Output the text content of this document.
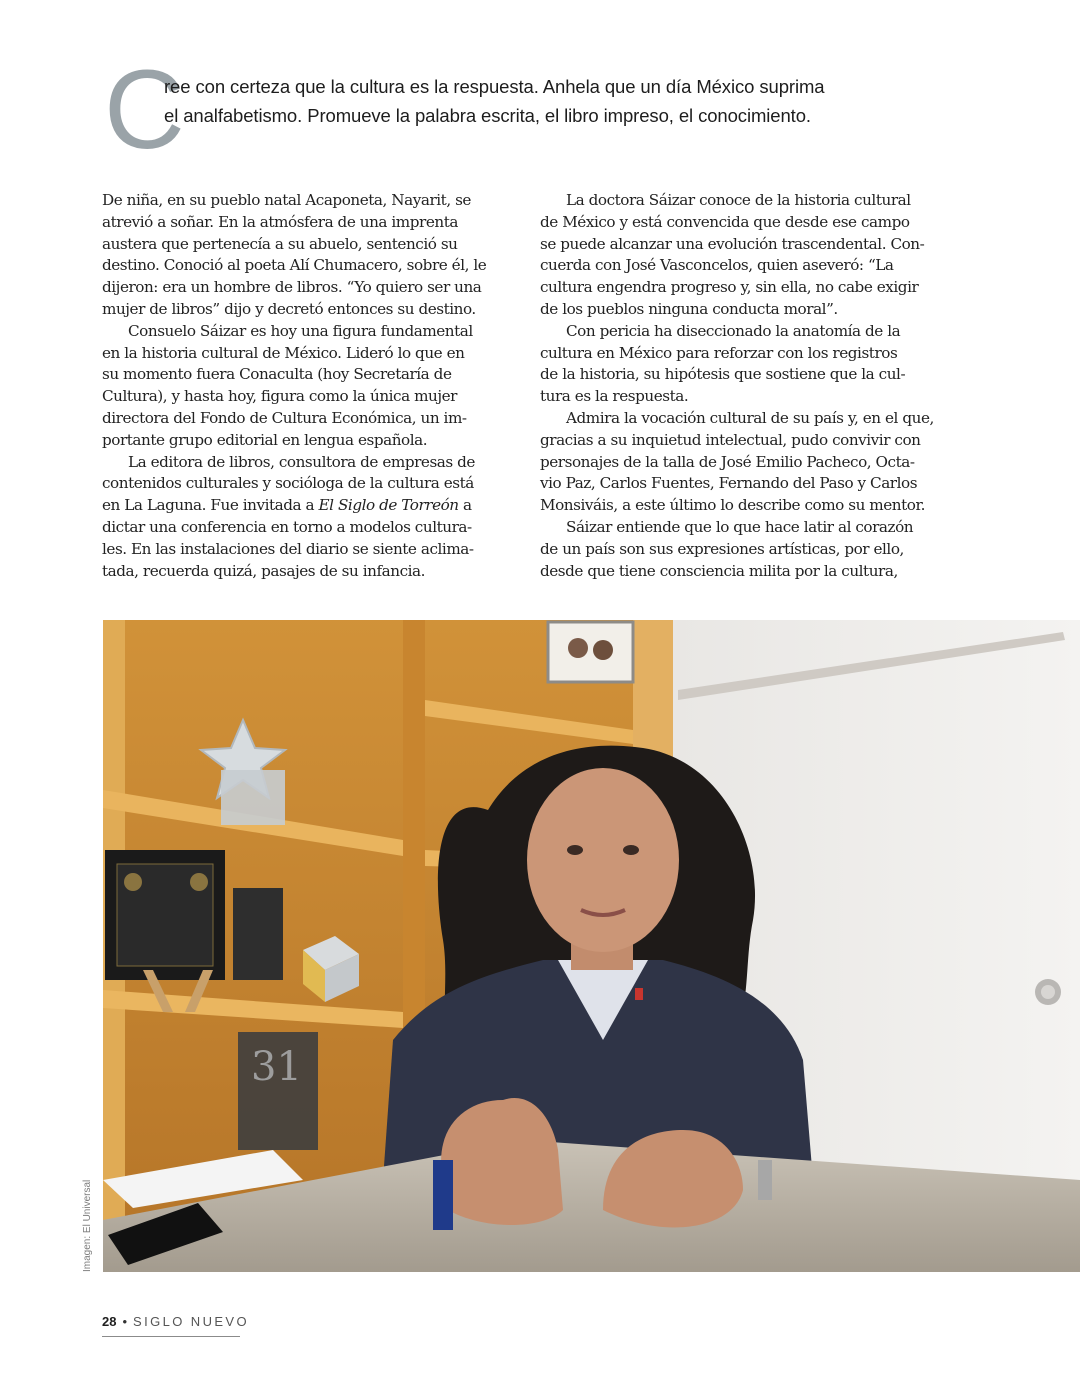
C
ree con certeza que la cultura es la respuesta. Anhela que un día México suprima
el analfabetismo. Promueve la palabra escrita, el libro impreso, el conocimiento.
De niña, en su pueblo natal Acaponeta, Nayarit, se
atrevió a soñar. En la atmósfera de una imprenta
austera que pertenecía a su abuelo, sentenció su
destino. Conoció al poeta Alí Chumacero, sobre él, le
dijeron: era un hombre de libros. “Yo quiero ser una
mujer de libros” dijo y decretó entonces su destino.
Consuelo Sáizar es hoy una figura fundamental
en la historia cultural de México. Lideró lo que en
su momento fuera Conaculta (hoy Secretaría de
Cultura), y hasta hoy, figura como la única mujer
directora del Fondo de Cultura Económica, un im-
portante grupo editorial en lengua española.
La editora de libros, consultora de empresas de
contenidos culturales y socióloga de la cultura está
en La Laguna. Fue invitada a El Siglo de Torreón a
dictar una conferencia en torno a modelos cultura-
les. En las instalaciones del diario se siente aclima-
tada, recuerda quizá, pasajes de su infancia.
La doctora Sáizar conoce de la historia cultural
de México y está convencida que desde ese campo
se puede alcanzar una evolución trascendental. Con-
cuerda con José Vasconcelos, quien aseveró: “La
cultura engendra progreso y, sin ella, no cabe exigir
de los pueblos ninguna conducta moral”.
Con pericia ha diseccionado la anatomía de la
cultura en México para reforzar con los registros
de la historia, su hipótesis que sostiene que la cul-
tura es la respuesta.
Admira la vocación cultural de su país y, en el que,
gracias a su inquietud intelectual, pudo convivir con
personajes de la talla de José Emilio Pacheco, Octa-
vio Paz, Carlos Fuentes, Fernando del Paso y Carlos
Monsiváis, a este último lo describe como su mentor.
Sáizar entiende que lo que hace latir al corazón
de un país son sus expresiones artísticas, por ello,
desde que tiene consciencia milita por la cultura,
31
Imagen: El Universal
28 • SIGLO NUEVO
